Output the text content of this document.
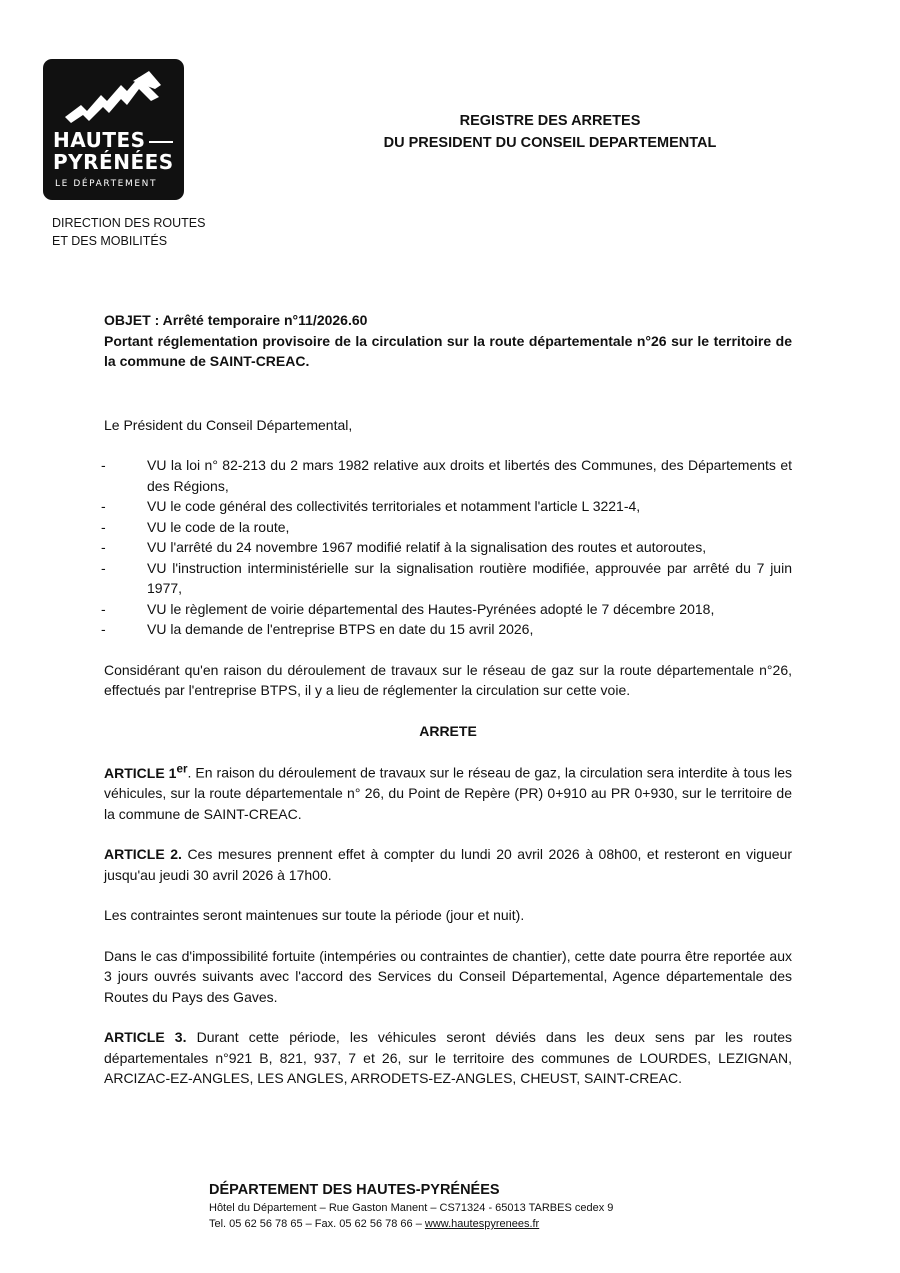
HAUTES
PYRÉNÉES
LE DÉPARTEMENT
DIRECTION DES ROUTES
ET DES MOBILITÉS
REGISTRE DES ARRETES
DU PRESIDENT DU CONSEIL DEPARTEMENTAL
OBJET : Arrêté temporaire n°11/2026.60
Portant réglementation provisoire de la circulation sur la route départementale n°26 sur le territoire de la commune de SAINT-CREAC.

Le Président du Conseil Départemental,

- VU la loi n° 82-213 du 2 mars 1982 relative aux droits et libertés des Communes, des Départements et des Régions,
- VU le code général des collectivités territoriales et notamment l'article L 3221-4,
- VU le code de la route,
- VU l'arrêté du 24 novembre 1967 modifié relatif à la signalisation des routes et autoroutes,
- VU l'instruction interministérielle sur la signalisation routière modifiée, approuvée par arrêté du 7 juin 1977,
- VU le règlement de voirie départemental des Hautes-Pyrénées adopté le 7 décembre 2018,
- VU la demande de l'entreprise BTPS en date du 15 avril 2026,

Considérant qu'en raison du déroulement de travaux sur le réseau de gaz sur la route départementale n°26, effectués par l'entreprise BTPS, il y a lieu de réglementer la circulation sur cette voie.

ARRETE

ARTICLE 1er. En raison du déroulement de travaux sur le réseau de gaz, la circulation sera interdite à tous les véhicules, sur la route départementale n° 26, du Point de Repère (PR) 0+910 au PR 0+930, sur le territoire de la commune de SAINT-CREAC.

ARTICLE 2. Ces mesures prennent effet à compter du lundi 20 avril 2026 à 08h00, et resteront en vigueur jusqu'au jeudi 30 avril 2026 à 17h00.

Les contraintes seront maintenues sur toute la période (jour et nuit).

Dans le cas d'impossibilité fortuite (intempéries ou contraintes de chantier), cette date pourra être reportée aux 3 jours ouvrés suivants avec l'accord des Services du Conseil Départemental, Agence départementale des Routes du Pays des Gaves.

ARTICLE 3. Durant cette période, les véhicules seront déviés dans les deux sens par les routes départementales n°921 B, 821, 937, 7 et 26, sur le territoire des communes de LOURDES, LEZIGNAN, ARCIZAC-EZ-ANGLES, LES ANGLES, ARRODETS-EZ-ANGLES, CHEUST, SAINT-CREAC.

DÉPARTEMENT DES HAUTES-PYRÉNÉES
Hôtel du Département – Rue Gaston Manent – CS71324 - 65013 TARBES cedex 9
Tel. 05 62 56 78 65 – Fax. 05 62 56 78 66 – www.hautespyrenees.fr
